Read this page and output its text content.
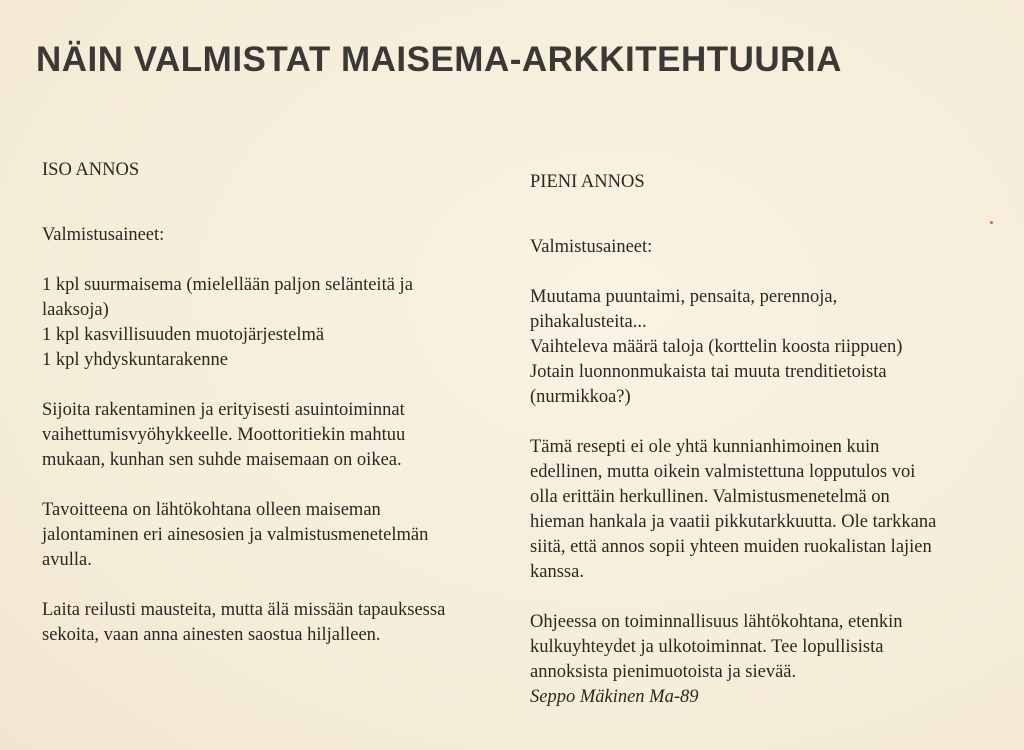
NÄIN VALMISTAT MAISEMA-ARKKITEHTUURIA
ISO ANNOS

Valmistusaineet:

1 kpl suurmaisema (mielellään paljon selänteitä ja
laaksoja)
1 kpl kasvillisuuden muotojärjestelmä
1 kpl yhdyskuntarakenne

Sijoita rakentaminen ja erityisesti asuintoiminnat
vaihettumisvyöhykkeelle. Moottoritiekin mahtuu
mukaan, kunhan sen suhde maisemaan on oikea.

Tavoitteena on lähtökohtana olleen maiseman
jalontaminen eri ainesosien ja valmistusmenetelmän
avulla.

Laita reilusti mausteita, mutta älä missään tapauksessa
sekoita, vaan anna ainesten saostua hiljalleen.

PIENI ANNOS

Valmistusaineet:

Muutama puuntaimi, pensaita, perennoja,
pihakalusteita...
Vaihteleva määrä taloja (korttelin koosta riippuen)
Jotain luonnonmukaista tai muuta trenditietoista
(nurmikkoa?)

Tämä resepti ei ole yhtä kunnianhimoinen kuin
edellinen, mutta oikein valmistettuna lopputulos voi
olla erittäin herkullinen. Valmistusmenetelmä on
hieman hankala ja vaatii pikkutarkkuutta. Ole tarkkana
siitä, että annos sopii yhteen muiden ruokalistan lajien
kanssa.

Ohjeessa on toiminnallisuus lähtökohtana, etenkin
kulkuyhteydet ja ulkotoiminnat. Tee lopullisista
annoksista pienimuotoista ja sievää.

Seppo Mäkinen Ma-89
